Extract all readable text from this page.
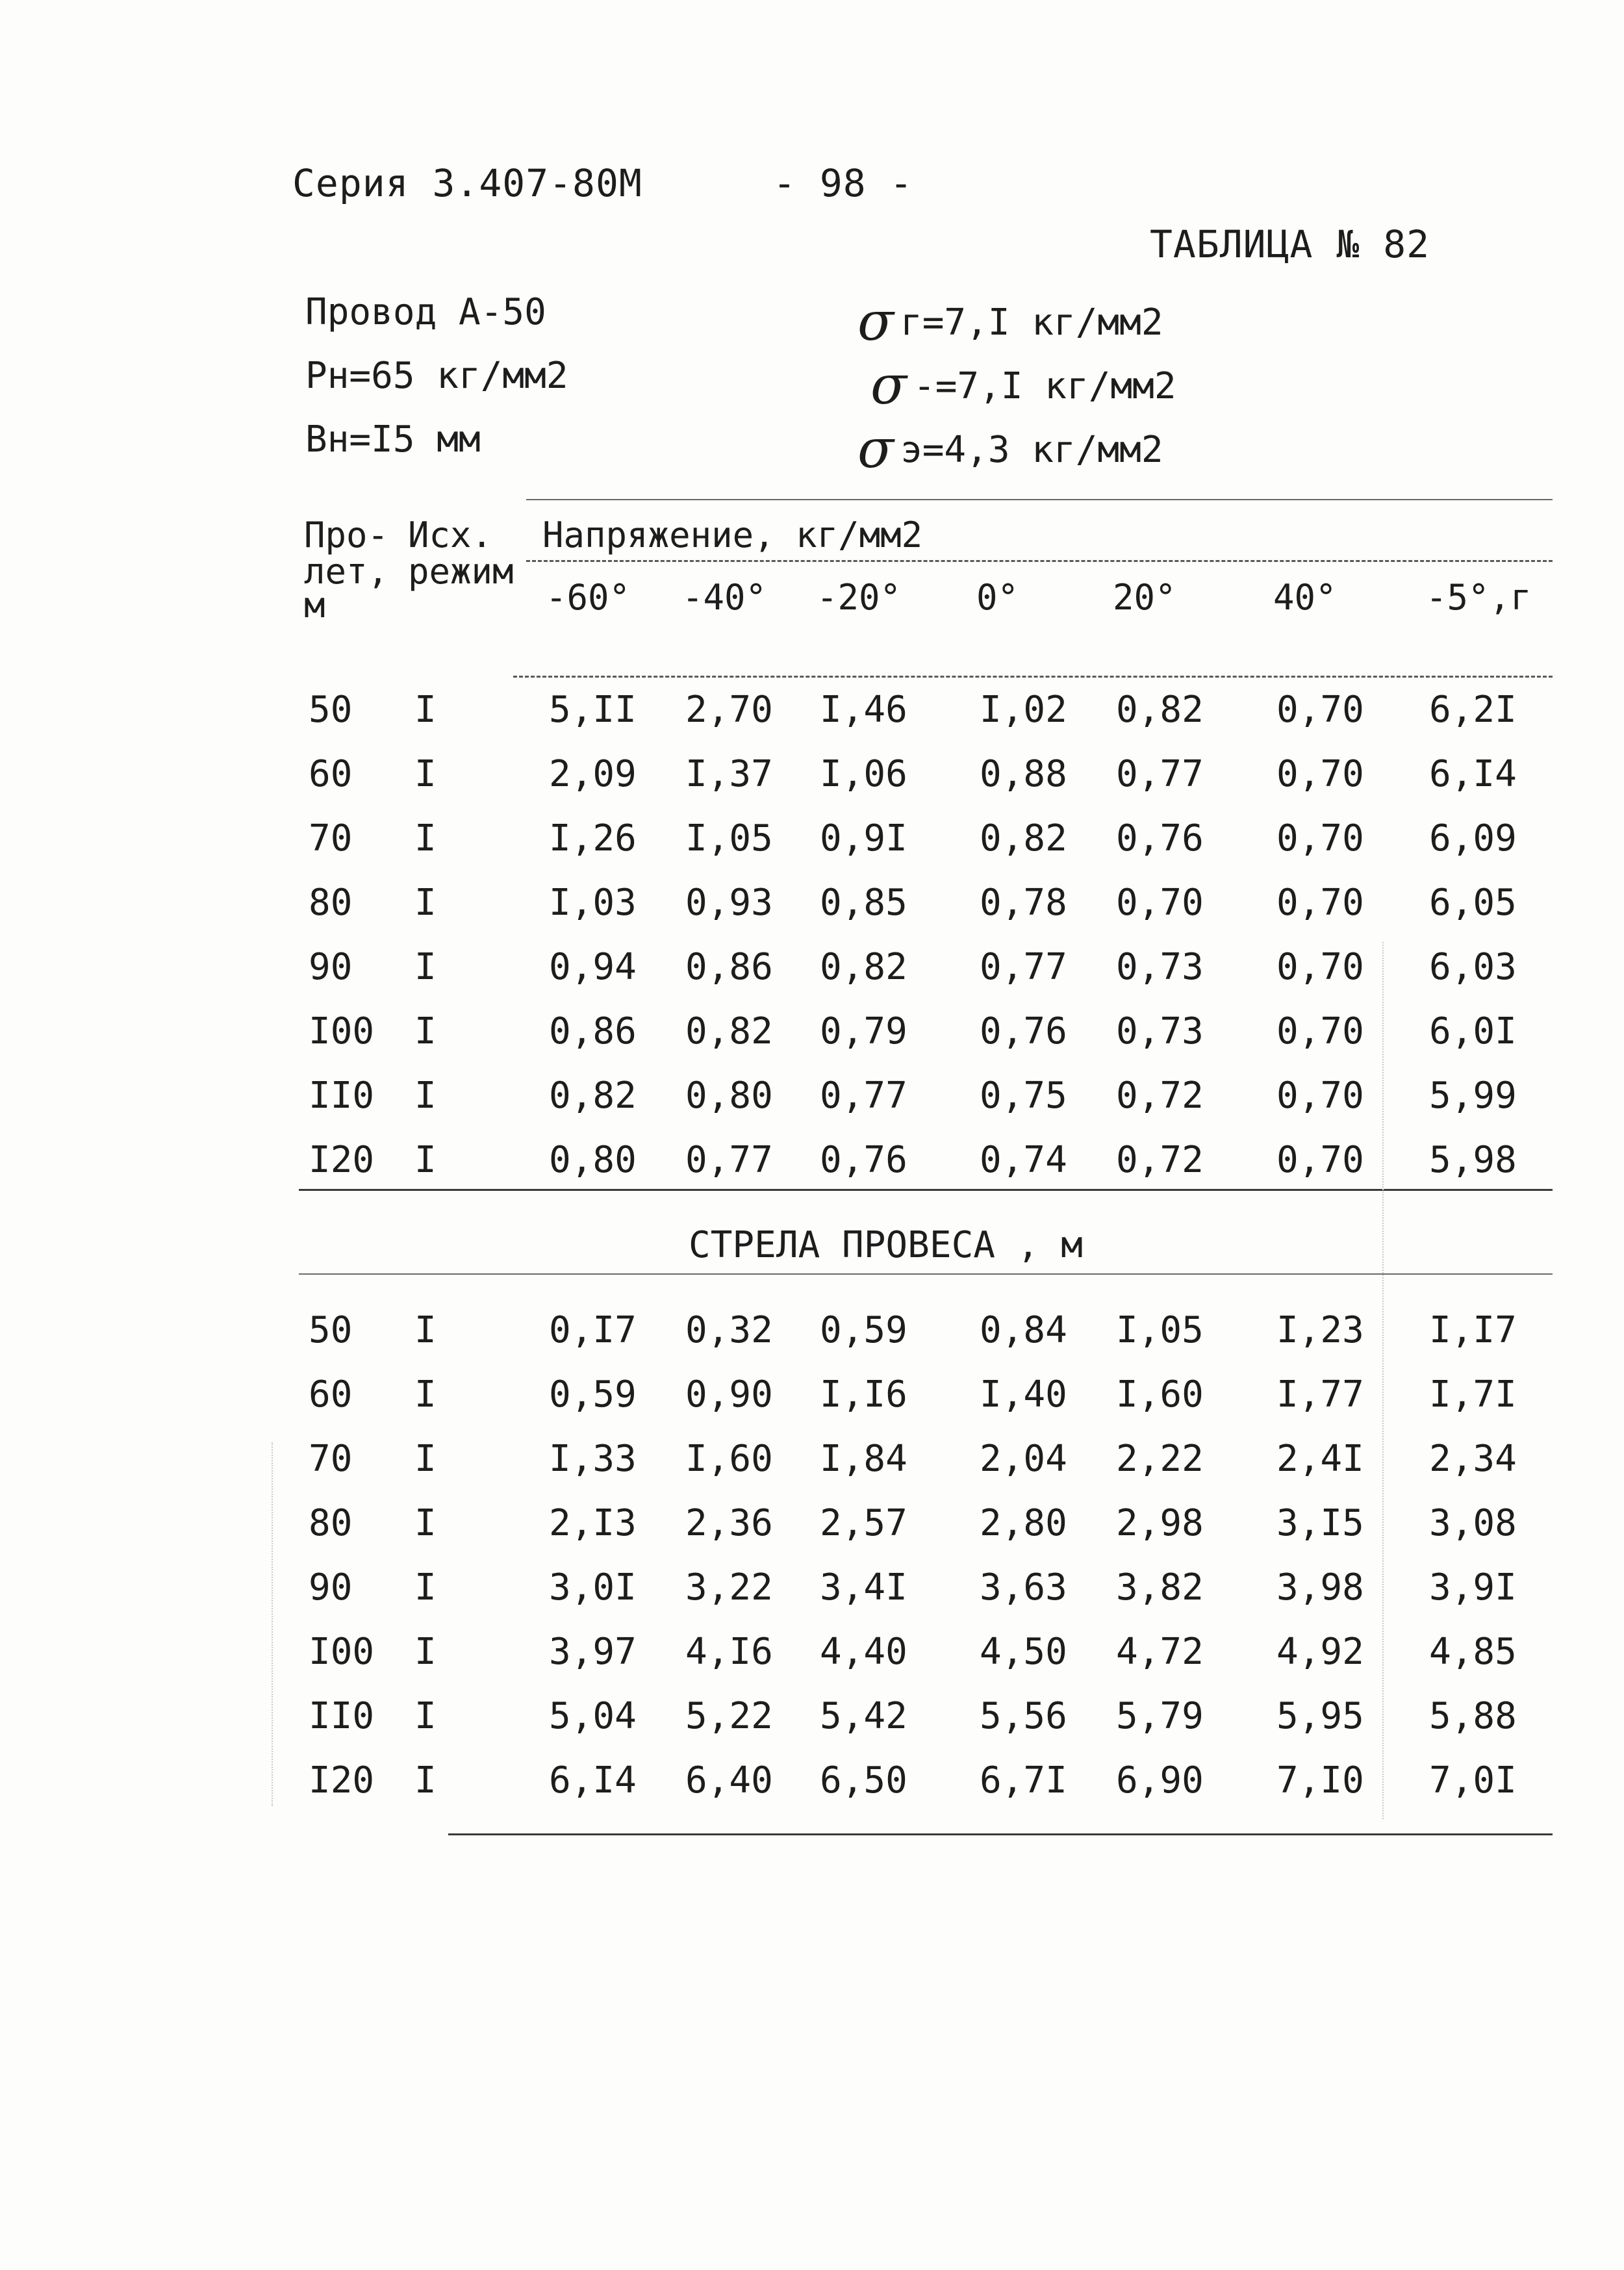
Серия 3.407-80М	- 98 -
ТАБЛИЦА № 82
Провод А-50
Рн=65 кг/мм2
Вн=I5 мм
σ г=7,I кг/мм2
σ -=7,I кг/мм2
σ э=4,3 кг/мм2
Про-
лет,
м
Исх.
режим
Напряжение, кг/мм2
-60° -40° -20° 0°	20°	40°	-5°,г
50 I	5,II 2,70 I,46 I,02 0,82 0,70 6,2I
60 I	2,09 I,37 I,06 0,88 0,77 0,70 6,I4
70 I	I,26 I,05 0,9I 0,82 0,76 0,70 6,09
80 I	I,03 0,93 0,85 0,78 0,70 0,70 6,05
90 I	0,94 0,86 0,82 0,77 0,73 0,70 6,03
I00 I	0,86 0,82 0,79 0,76 0,73 0,70 6,0I
II0 I	0,82 0,80 0,77 0,75 0,72 0,70 5,99
I20 I	0,80 0,77 0,76 0,74 0,72 0,70 5,98
СТРЕЛА ПРОВЕСА , м
50 I	0,I7 0,32 0,59 0,84 I,05 I,23 I,I7
60 I	0,59 0,90 I,I6 I,40 I,60 I,77 I,7I
70 I	I,33 I,60 I,84 2,04 2,22 2,4I 2,34
80 I	2,I3 2,36 2,57 2,80 2,98 3,I5 3,08
90 I	3,0I 3,22 3,4I 3,63 3,82 3,98 3,9I
I00 I	3,97 4,I6 4,40 4,50 4,72 4,92 4,85
II0 I	5,04 5,22 5,42 5,56 5,79 5,95 5,88
I20 I	6,I4 6,40 6,50 6,7I 6,90 7,I0 7,0I
